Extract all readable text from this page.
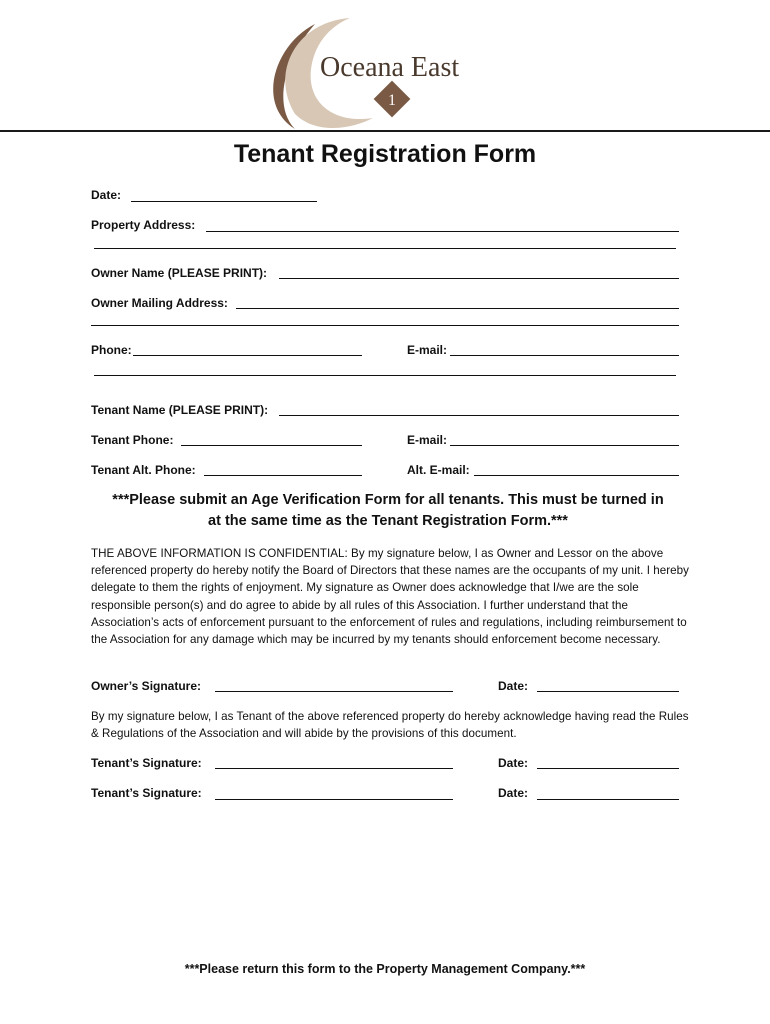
1
Oceana East
Tenant Registration Form
Date:
Property Address:
Owner Name (PLEASE PRINT):
Owner Mailing Address:
Phone:	E-mail:
Tenant Name (PLEASE PRINT):
Tenant Phone:	E-mail:
Tenant Alt. Phone:	Alt. E-mail:
***Please submit an Age Verification Form for all tenants. This must be turned in
at the same time as the Tenant Registration Form.***
THE ABOVE INFORMATION IS CONFIDENTIAL: By my signature below, I as Owner and Lessor on the above referenced property do hereby notify the Board of Directors that these names are the occupants of my unit. I hereby delegate to them the rights of enjoyment. My signature as Owner does acknowledge that I/we are the sole responsible person(s) and do agree to abide by all rules of this Association. I further understand that the Association’s acts of enforcement pursuant to the enforcement of rules and regulations, including reimbursement to the Association for any damage which may be incurred by my tenants should enforcement become necessary.
Owner’s Signature:	Date:
By my signature below, I as Tenant of the above referenced property do hereby acknowledge having read the Rules & Regulations of the Association and will abide by the provisions of this document.
Tenant’s Signature:	Date:
Tenant’s Signature:	Date:
***Please return this form to the Property Management Company.***
